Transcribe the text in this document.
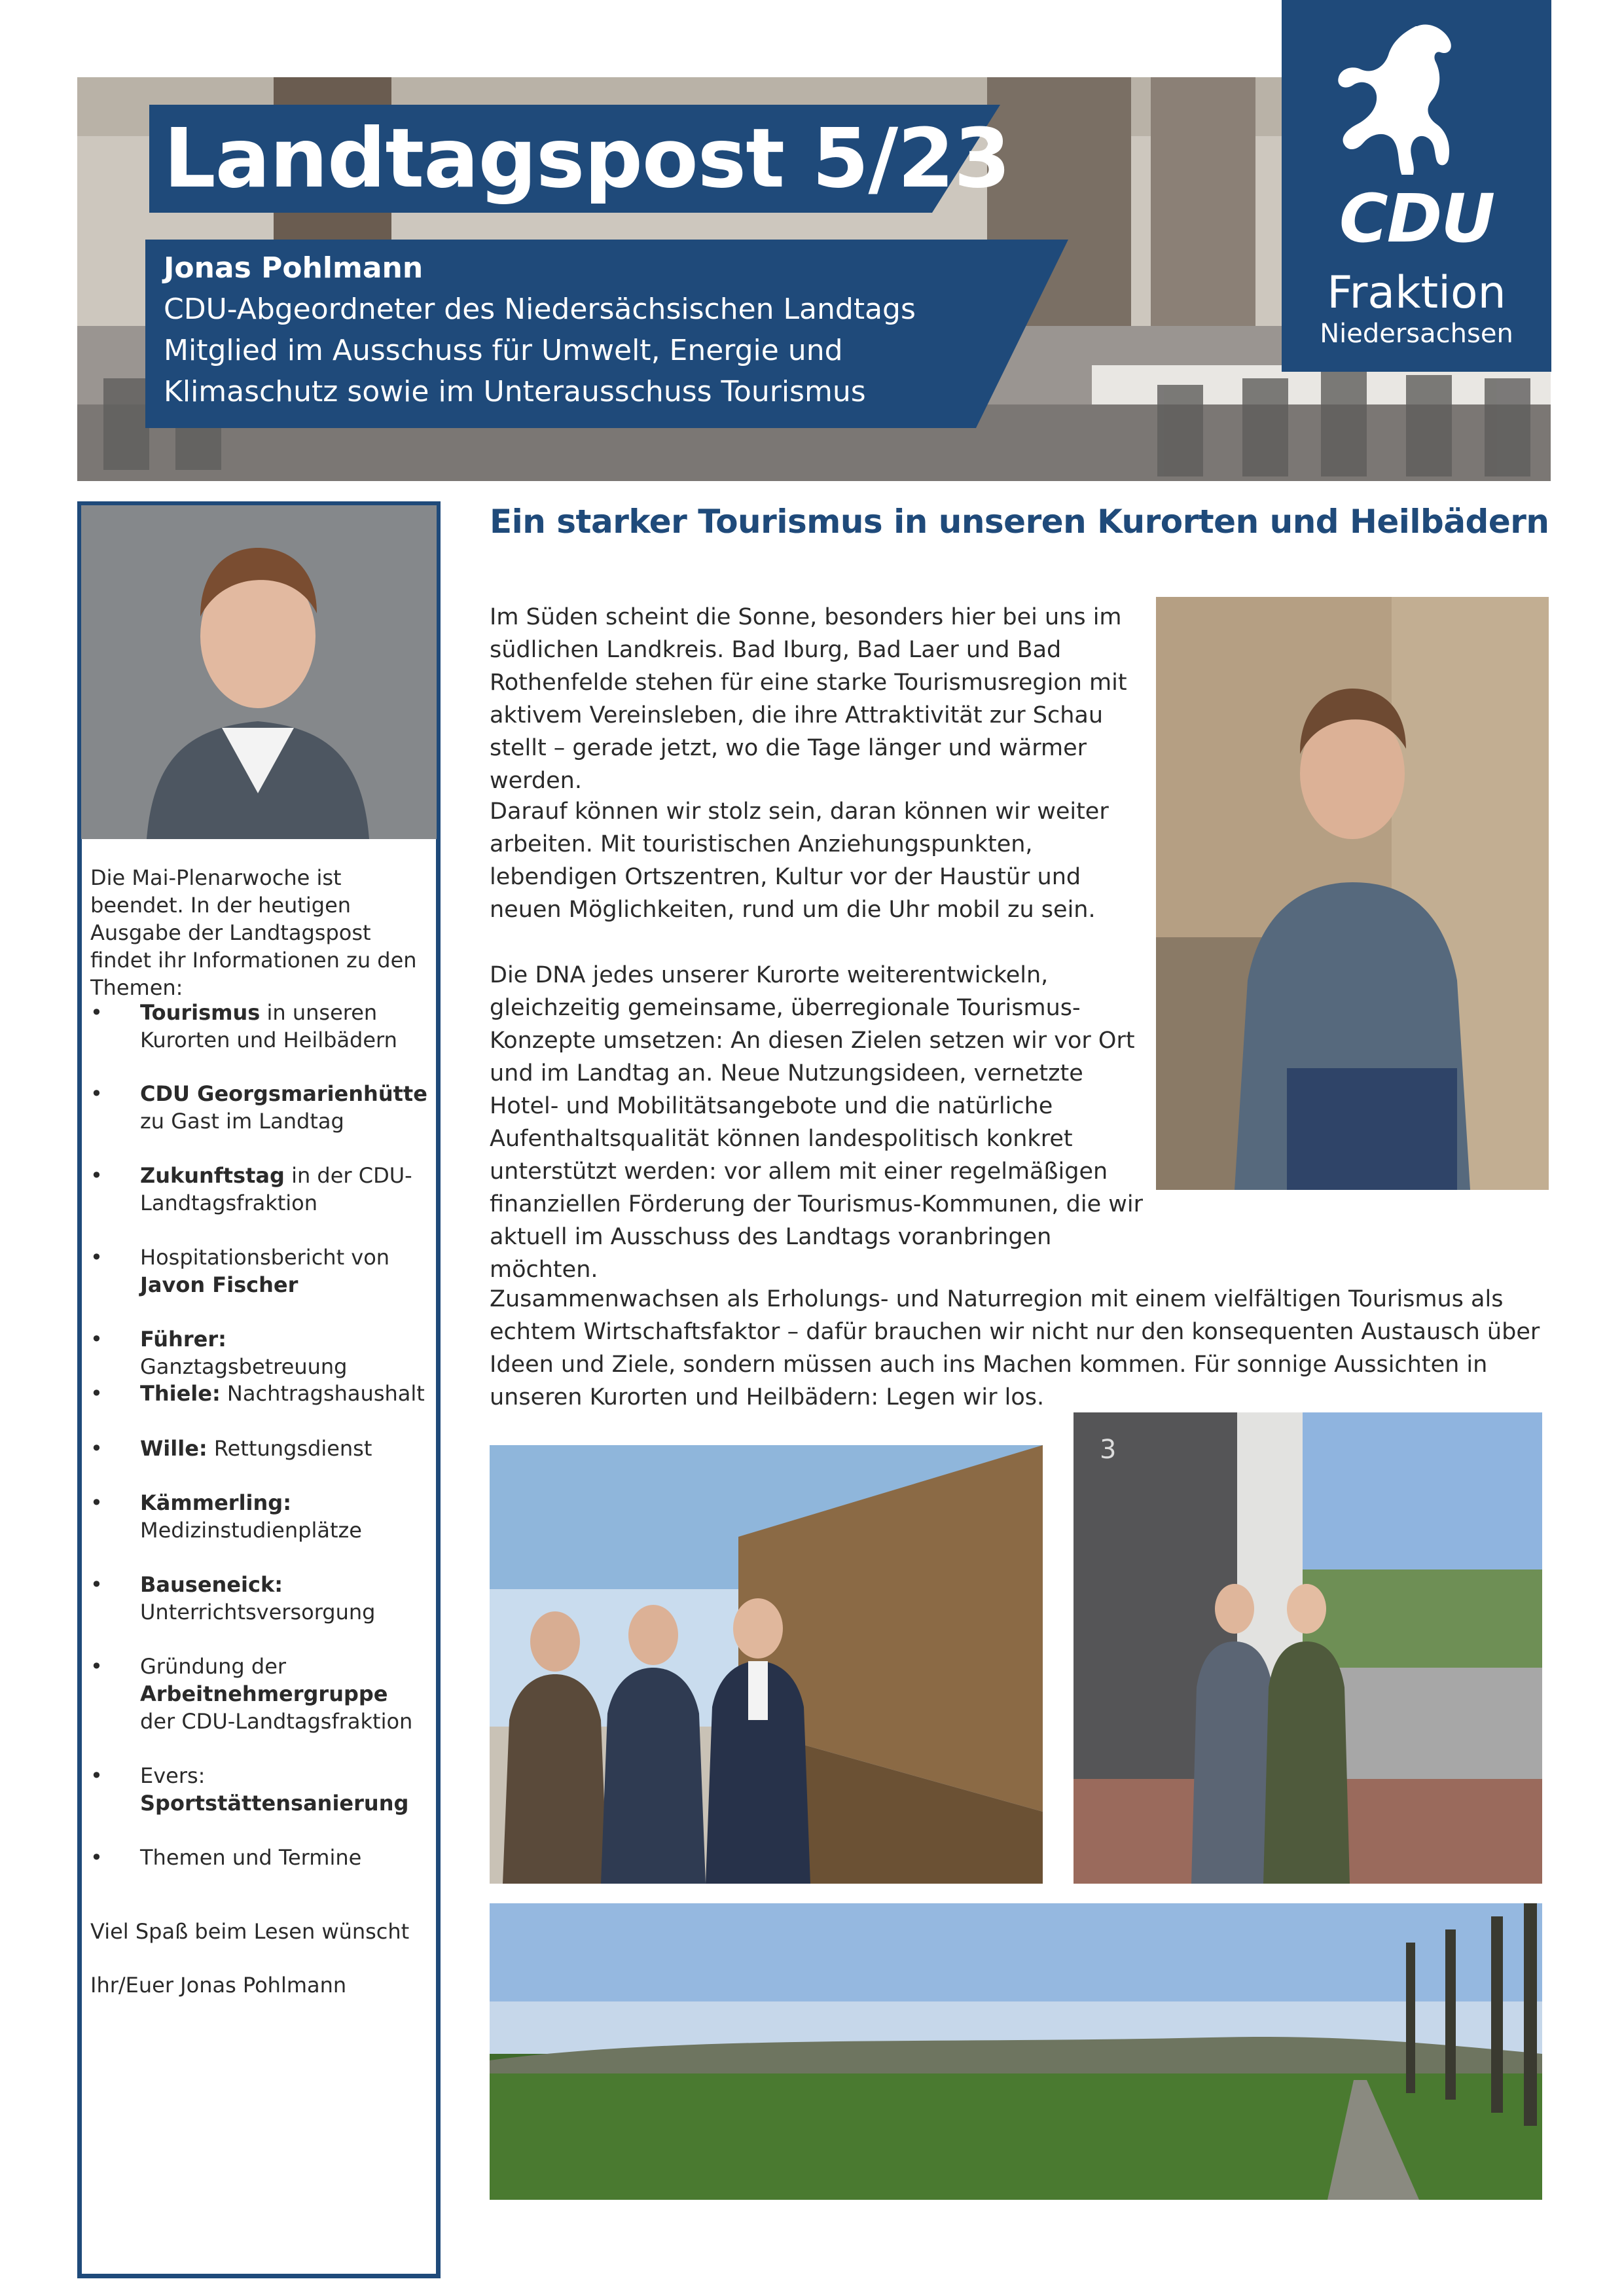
Landtagspost 5/23
Jonas Pohlmann
CDU-Abgeordneter des Niedersächsischen Landtags
Mitglied im Ausschuss für Umwelt, Energie und
Klimaschutz sowie im Unterausschuss Tourismus
CDU
Fraktion
Niedersachsen
Die Mai-Plenarwoche ist beendet. In der heutigen Ausgabe der Landtagspost findet ihr Informationen zu den Themen:
• Tourismus in unseren Kurorten und Heilbädern
• CDU Georgsmarienhütte zu Gast im Landtag
• Zukunftstag in der CDU-Landtagsfraktion
• Hospitationsbericht von Javon Fischer
• Führer: Ganztagsbetreuung
• Thiele: Nachtragshaushalt
• Wille: Rettungsdienst
• Kämmerling: Medizinstudienplätze
• Bauseneick: Unterrichtsversorgung
• Gründung der Arbeitnehmergruppe der CDU-Landtagsfraktion
• Evers: Sportstättensanierung
• Themen und Termine
Viel Spaß beim Lesen wünscht
Ihr/Euer Jonas Pohlmann
Ein starker Tourismus in unseren Kurorten und Heilbädern
Im Süden scheint die Sonne, besonders hier bei uns im südlichen Landkreis. Bad Iburg, Bad Laer und Bad Rothenfelde stehen für eine starke Tourismusregion mit aktivem Vereinsleben, die ihre Attraktivität zur Schau stellt – gerade jetzt, wo die Tage länger und wärmer werden.
Darauf können wir stolz sein, daran können wir weiter arbeiten. Mit touristischen Anziehungspunkten, lebendigen Ortszentren, Kultur vor der Haustür und neuen Möglichkeiten, rund um die Uhr mobil zu sein.
Die DNA jedes unserer Kurorte weiterentwickeln, gleichzeitig gemeinsame, überregionale Tourismus-Konzepte umsetzen: An diesen Zielen setzen wir vor Ort und im Landtag an. Neue Nutzungsideen, vernetzte Hotel- und Mobilitätsangebote und die natürliche Aufenthaltsqualität können landespolitisch konkret unterstützt werden: vor allem mit einer regelmäßigen finanziellen Förderung der Tourismus-Kommunen, die wir aktuell im Ausschuss des Landtags voranbringen möchten.
Zusammenwachsen als Erholungs- und Naturregion mit einem vielfältigen Tourismus als echtem Wirtschaftsfaktor – dafür brauchen wir nicht nur den konsequenten Austausch über Ideen und Ziele, sondern müssen auch ins Machen kommen. Für sonnige Aussichten in unseren Kurorten und Heilbädern: Legen wir los.
3
